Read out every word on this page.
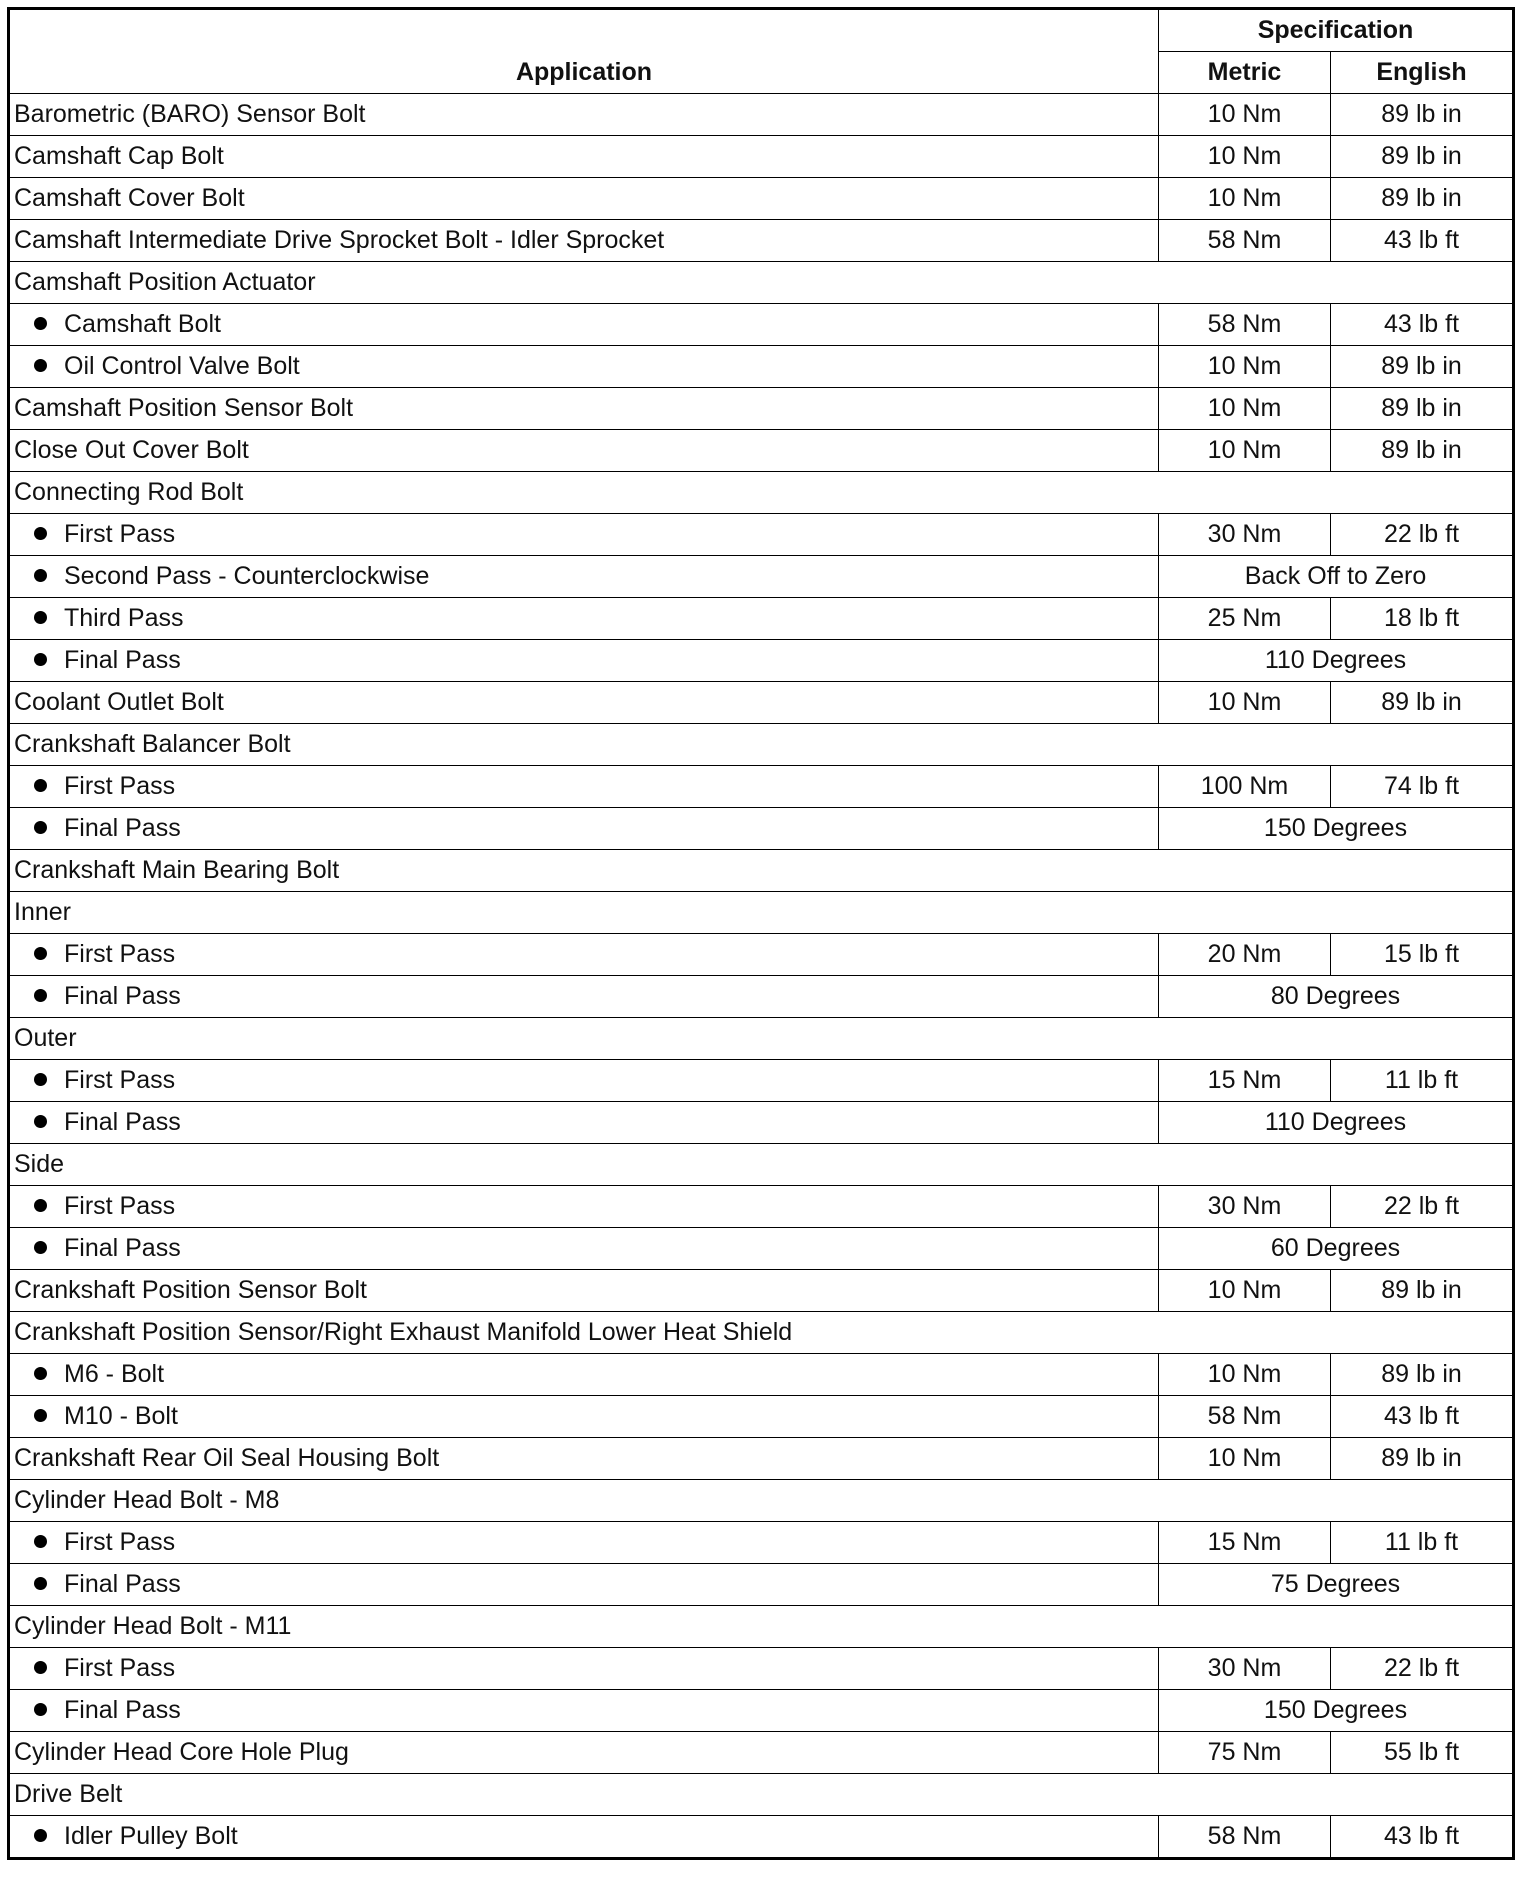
Application	Specification	
	Metric	English
Barometric (BARO) Sensor Bolt	10 Nm	89 lb in
Camshaft Cap Bolt	10 Nm	89 lb in
Camshaft Cover Bolt	10 Nm	89 lb in
Camshaft Intermediate Drive Sprocket Bolt - Idler Sprocket	58 Nm	43 lb ft
Camshaft Position Actuator		
Camshaft Bolt	58 Nm	43 lb ft
Oil Control Valve Bolt	10 Nm	89 lb in
Camshaft Position Sensor Bolt	10 Nm	89 lb in
Close Out Cover Bolt	10 Nm	89 lb in
Connecting Rod Bolt		
First Pass	30 Nm	22 lb ft
Second Pass - Counterclockwise	Back Off to Zero	
Third Pass	25 Nm	18 lb ft
Final Pass	110 Degrees	
Coolant Outlet Bolt	10 Nm	89 lb in
Crankshaft Balancer Bolt		
First Pass	100 Nm	74 lb ft
Final Pass	150 Degrees	
Crankshaft Main Bearing Bolt		
Inner		
First Pass	20 Nm	15 lb ft
Final Pass	80 Degrees	
Outer		
First Pass	15 Nm	11 lb ft
Final Pass	110 Degrees	
Side		
First Pass	30 Nm	22 lb ft
Final Pass	60 Degrees	
Crankshaft Position Sensor Bolt	10 Nm	89 lb in
Crankshaft Position Sensor/Right Exhaust Manifold Lower Heat Shield		
M6 - Bolt	10 Nm	89 lb in
M10 - Bolt	58 Nm	43 lb ft
Crankshaft Rear Oil Seal Housing Bolt	10 Nm	89 lb in
Cylinder Head Bolt - M8		
First Pass	15 Nm	11 lb ft
Final Pass	75 Degrees	
Cylinder Head Bolt - M11		
First Pass	30 Nm	22 lb ft
Final Pass	150 Degrees	
Cylinder Head Core Hole Plug	75 Nm	55 lb ft
Drive Belt		
Idler Pulley Bolt	58 Nm	43 lb ft
